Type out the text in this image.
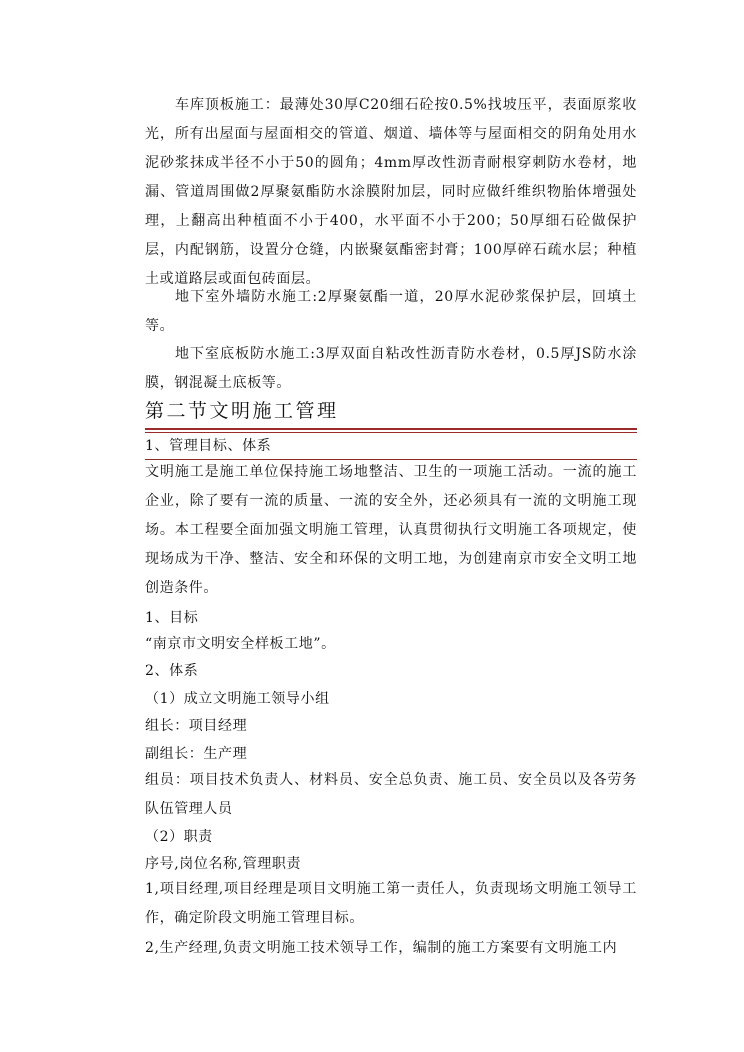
车库顶板施工：最薄处30厚C20细石砼按0.5%找坡压平，表面原浆收光，所有出屋面与屋面相交的管道、烟道、墙体等与屋面相交的阴角处用水泥砂浆抹成半径不小于50的圆角；4mm厚改性沥青耐根穿刺防水卷材，地漏、管道周围做2厚聚氨酯防水涂膜附加层，同时应做纤维织物胎体增强处理，上翻高出种植面不小于400，水平面不小于200；50厚细石砼做保护层，内配钢筋，设置分仓缝，内嵌聚氨酯密封膏；100厚碎石疏水层；种植土或道路层或面包砖面层。
地下室外墙防水施工:2厚聚氨酯一道，20厚水泥砂浆保护层，回填土等。
地下室底板防水施工:3厚双面自粘改性沥青防水卷材，0.5厚JS防水涂膜，钢混凝土底板等。
第二节文明施工管理
1、管理目标、体系
文明施工是施工单位保持施工场地整洁、卫生的一项施工活动。一流的施工企业，除了要有一流的质量、一流的安全外，还必须具有一流的文明施工现场。本工程要全面加强文明施工管理，认真贯彻执行文明施工各项规定，使现场成为干净、整洁、安全和环保的文明工地，为创建南京市安全文明工地创造条件。
1、目标
“南京市文明安全样板工地”。
2、体系
（1）成立文明施工领导小组
组长：项目经理
副组长：生产理
组员：项目技术负责人、材料员、安全总负责、施工员、安全员以及各劳务队伍管理人员
（2）职责
序号,岗位名称,管理职责
1,项目经理,项目经理是项目文明施工第一责任人，负责现场文明施工领导工作，确定阶段文明施工管理目标。
2,生产经理,负责文明施工技术领导工作，编制的施工方案要有文明施工内
